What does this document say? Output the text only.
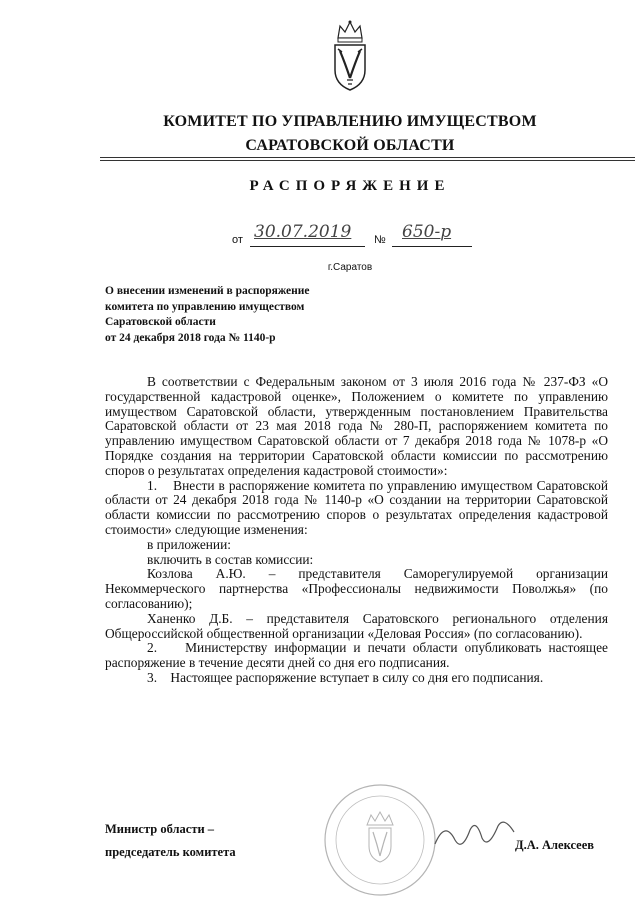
КОМИТЕТ ПО УПРАВЛЕНИЮ ИМУЩЕСТВОМ
САРАТОВСКОЙ ОБЛАСТИ
РАСПОРЯЖЕНИЕ
от 30.07.2019 № 650-р
г.Саратов
О внесении изменений в распоряжение
комитета по управлению имуществом
Саратовской области
от 24 декабря 2018 года № 1140-р

В соответствии с Федеральным законом от 3 июля 2016 года № 237-ФЗ «О государственной кадастровой оценке», Положением о комитете по управлению имуществом Саратовской области, утвержденным постановлением Правительства Саратовской области от 23 мая 2018 года № 280-П, распоряжением комитета по управлению имуществом Саратовской области от 7 декабря 2018 года № 1078-р «О Порядке создания на территории Саратовской области комиссии по рассмотрению споров о результатах определения кадастровой стоимости»:

1.    Внести в распоряжение комитета по управлению имуществом Саратовской области от 24 декабря 2018 года № 1140-р «О создании на территории Саратовской области комиссии по рассмотрению споров о результатах определения кадастровой стоимости» следующие изменения:

в приложении:

включить в состав комиссии:

Козлова А.Ю. – представителя Саморегулируемой организации Некоммерческого партнерства «Профессионалы недвижимости Поволжья» (по согласованию);

Ханенко Д.Б. – представителя Саратовского регионального отделения Общероссийской общественной организации «Деловая Россия» (по согласованию).

2.    Министерству информации и печати области опубликовать настоящее распоряжение в течение десяти дней со дня его подписания.

3.    Настоящее распоряжение вступает в силу со дня его подписания.

Министр области –
председатель комитета	Д.А. Алексеев
